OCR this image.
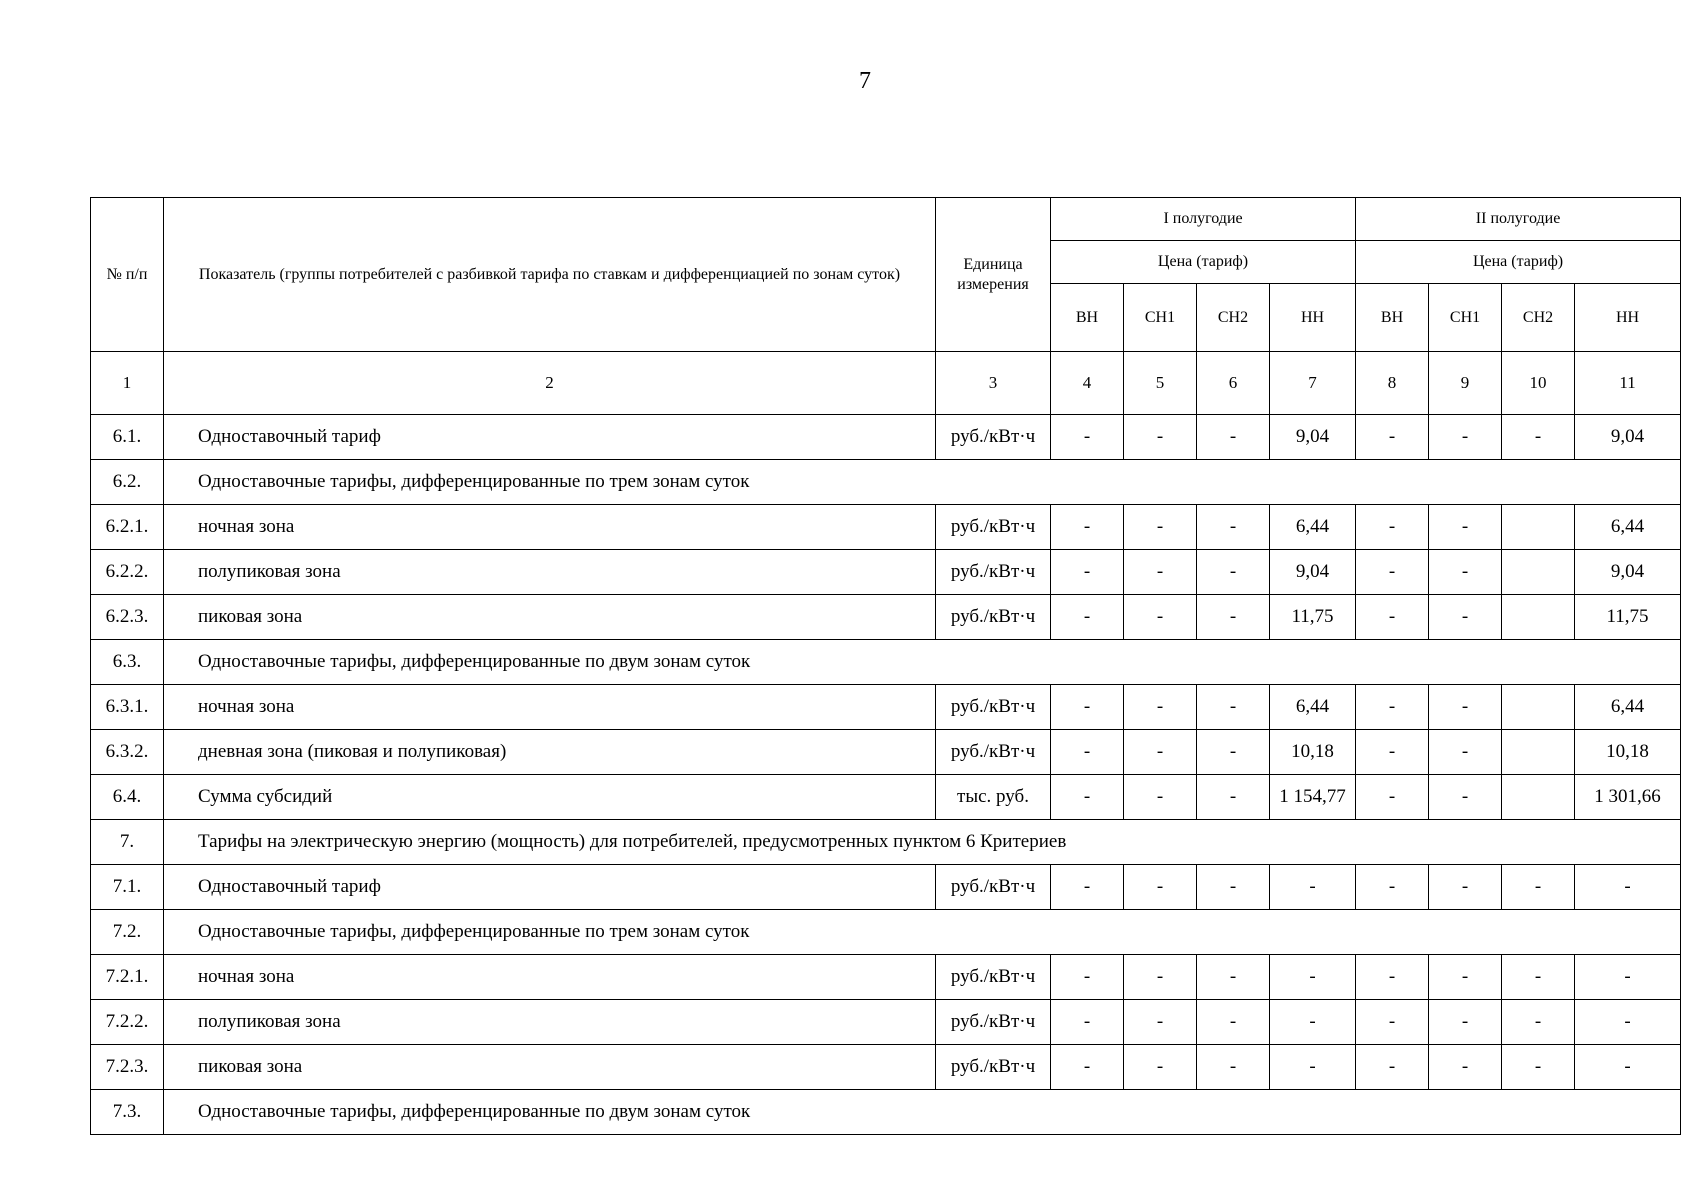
7
№ п/п	Показатель (группы потребителей с разбивкой тарифа по ставкам и дифференциацией по зонам суток)	Единица измерения	I полугодие				II полугодие			
			Цена (тариф)				Цена (тариф)			
			ВН	СН1	СН2	НН	ВН	СН1	СН2	НН
1	2	3	4	5	6	7	8	9	10	11
6.1.	Одноставочный тариф	руб./кВт·ч	-	-	-	9,04	-	-	-	9,04
6.2.	Одноставочные тарифы, дифференцированные по трем зонам суток									
6.2.1.	ночная зона	руб./кВт·ч	-	-	-	6,44	-	-		6,44
6.2.2.	полупиковая зона	руб./кВт·ч	-	-	-	9,04	-	-		9,04
6.2.3.	пиковая зона	руб./кВт·ч	-	-	-	11,75	-	-		11,75
6.3.	Одноставочные тарифы, дифференцированные по двум зонам суток									
6.3.1.	ночная зона	руб./кВт·ч	-	-	-	6,44	-	-		6,44
6.3.2.	дневная зона (пиковая и полупиковая)	руб./кВт·ч	-	-	-	10,18	-	-		10,18
6.4.	Сумма субсидий	тыс. руб.	-	-	-	1 154,77	-	-		1 301,66
7.	Тарифы на электрическую энергию (мощность) для потребителей, предусмотренных пунктом 6 Критериев									
7.1.	Одноставочный тариф	руб./кВт·ч	-	-	-	-	-	-	-	-
7.2.	Одноставочные тарифы, дифференцированные по трем зонам суток									
7.2.1.	ночная зона	руб./кВт·ч	-	-	-	-	-	-	-	-
7.2.2.	полупиковая зона	руб./кВт·ч	-	-	-	-	-	-	-	-
7.2.3.	пиковая зона	руб./кВт·ч	-	-	-	-	-	-	-	-
7.3.	Одноставочные тарифы, дифференцированные по двум зонам суток									
